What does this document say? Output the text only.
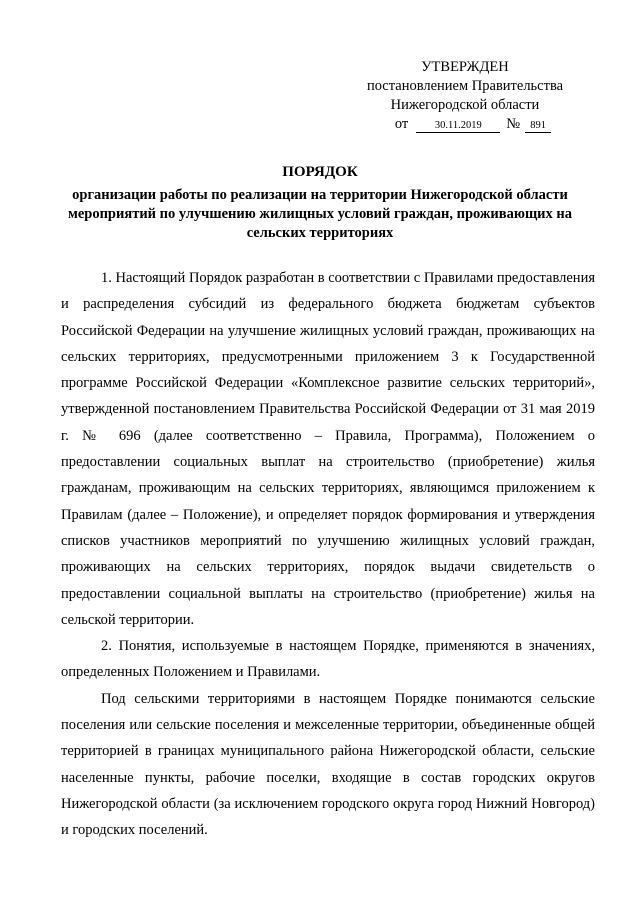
УТВЕРЖДЕН
постановлением Правительства
Нижегородской области
от	30.11.2019 № 891
ПОРЯДОК
организации работы по реализации на территории Нижегородской области
мероприятий по улучшению жилищных условий граждан, проживающих на
сельских территориях

1. Настоящий Порядок разработан в соответствии с Правилами предоставления и распределения субсидий из федерального бюджета бюджетам субъектов Российской Федерации на улучшение жилищных условий граждан, проживающих на сельских территориях, предусмотренными приложением 3 к Государственной программе Российской Федерации «Комплексное развитие сельских территорий», утвержденной постановлением Правительства Российской Федерации от 31 мая 2019 г. № 696 (далее соответственно – Правила, Программа), Положением о предоставлении социальных выплат на строительство (приобретение) жилья гражданам, проживающим на сельских территориях, являющимся приложением к Правилам (далее – Положение), и определяет порядок формирования и утверждения списков участников мероприятий по улучшению жилищных условий граждан, проживающих на сельских территориях, порядок выдачи свидетельств о предоставлении социальной выплаты на строительство (приобретение) жилья на сельской территории.

2. Понятия, используемые в настоящем Порядке, применяются в значениях, определенных Положением и Правилами.

Под сельскими территориями в настоящем Порядке понимаются сельские поселения или сельские поселения и межселенные территории, объединенные общей территорией в границах муниципального района Нижегородской области, сельские населенные пункты, рабочие поселки, входящие в состав городских округов Нижегородской области (за исключением городского округа город Нижний Новгород) и городских поселений.
